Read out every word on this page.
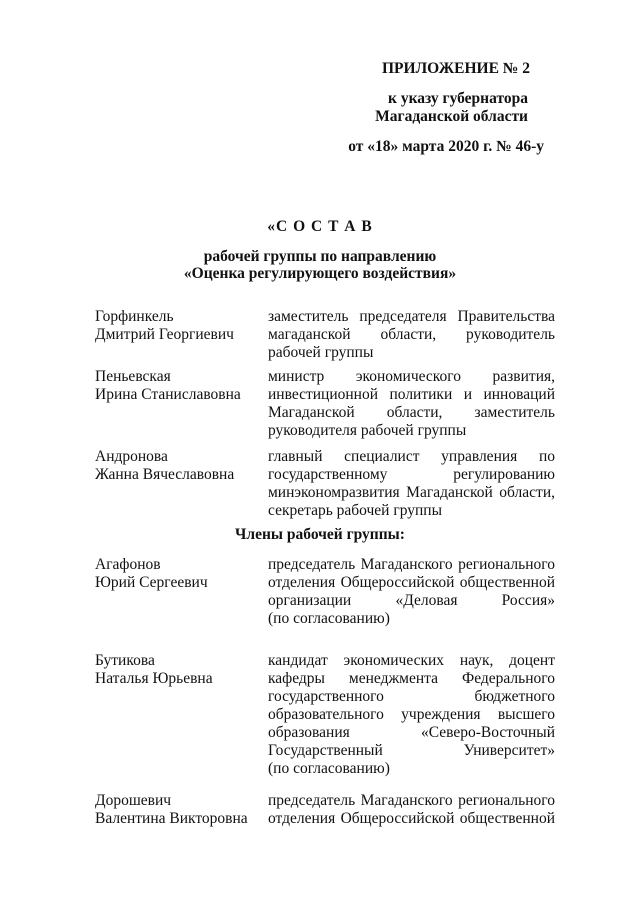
ПРИЛОЖЕНИЕ № 2
к указу губернатора
Магаданской области
от «18» марта 2020 г. № 46-у
«С О С Т А В
рабочей группы по направлению
«Оценка регулирующего воздействия»
Горфинкель
Дмитрий Георгиевич
заместитель председателя Правительства
магаданской области, руководитель
рабочей группы
Пеньевская
Ирина Станиславовна
министр экономического развития,
инвестиционной политики и инноваций
Магаданской области, заместитель
руководителя рабочей группы
Андронова
Жанна Вячеславовна
главный специалист управления по
государственному регулированию
минэкономразвития Магаданской области,
секретарь рабочей группы
Члены рабочей группы:
Агафонов
Юрий Сергеевич
председатель Магаданского регионального
отделения Общероссийской общественной
организации «Деловая Россия»
(по согласованию)
Бутикова
Наталья Юрьевна
кандидат экономических наук, доцент
кафедры менеджмента Федерального
государственного бюджетного
образовательного учреждения высшего
образования «Северо-Восточный
Государственный Университет»
(по согласованию)
Дорошевич
Валентина Викторовна
председатель Магаданского регионального
отделения Общероссийской общественной
